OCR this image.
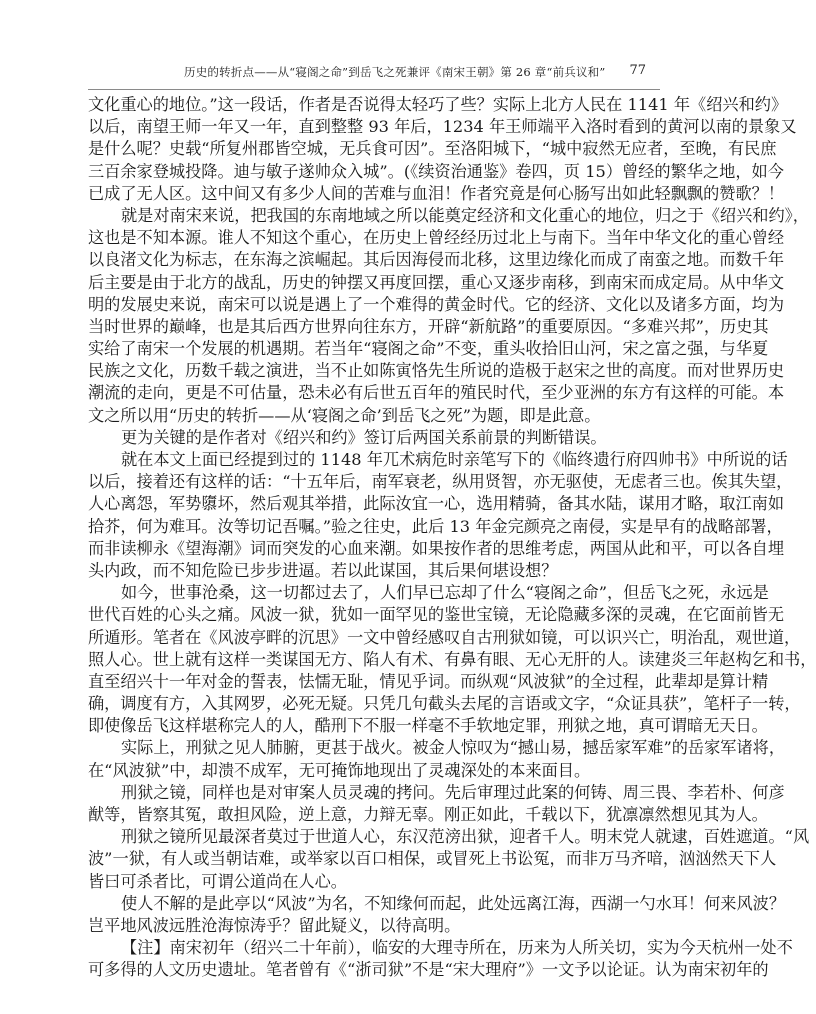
历史的转折点——从“寝阁之命”到岳飞之死兼评《南宋王朝》第 26 章“前兵议和” 77
文化重心的地位。”这一段话，作者是否说得太轻巧了些？实际上北方人民在 1141 年《绍兴和约》
以后，南望王师一年又一年，直到整整 93 年后，1234 年王师端平入洛时看到的黄河以南的景象又
是什么呢？史载“所复州郡皆空城，无兵食可因”。至洛阳城下，“城中寂然无应者，至晚，有民庶
三百余家登城投降。迪与敏子遂帅众入城”。(《续资治通鉴》卷四，页 15）曾经的繁华之地，如今
已成了无人区。这中间又有多少人间的苦难与血泪！作者究竟是何心肠写出如此轻飘飘的赞歌？！
就是对南宋来说，把我国的东南地域之所以能奠定经济和文化重心的地位，归之于《绍兴和约》，
这也是不知本源。谁人不知这个重心，在历史上曾经经历过北上与南下。当年中华文化的重心曾经
以良渚文化为标志，在东海之滨崛起。其后因海侵而北移，这里边缘化而成了南蛮之地。而数千年
后主要是由于北方的战乱，历史的钟摆又再度回摆，重心又逐步南移，到南宋而成定局。从中华文
明的发展史来说，南宋可以说是遇上了一个难得的黄金时代。它的经济、文化以及诸多方面，均为
当时世界的巅峰，也是其后西方世界向往东方，开辟“新航路”的重要原因。“多难兴邦”，历史其
实给了南宋一个发展的机遇期。若当年“寝阁之命”不变，重头收拾旧山河，宋之富之强，与华夏
民族之文化，历数千载之演进，当不止如陈寅恪先生所说的造极于赵宋之世的高度。而对世界历史
潮流的走向，更是不可估量，恐未必有后世五百年的殖民时代，至少亚洲的东方有这样的可能。本
文之所以用“历史的转折——从‘寝阁之命’到岳飞之死”为题，即是此意。
更为关键的是作者对《绍兴和约》签订后两国关系前景的判断错误。
就在本文上面已经提到过的 1148 年兀术病危时亲笔写下的《临终遗行府四帅书》中所说的话
以后，接着还有这样的话：“十五年后，南军衰老，纵用贤智，亦无驱使，无虑者三也。俟其失望，
人心离怨，军势隳坏，然后观其举措，此际汝宜一心，选用精骑，备其水陆，谋用才略，取江南如
拾芥，何为难耳。汝等切记吾嘱。”验之往史，此后 13 年金完颜亮之南侵，实是早有的战略部署，
而非读柳永《望海潮》词而突发的心血来潮。如果按作者的思维考虑，两国从此和平，可以各自埋
头内政，而不知危险已步步进逼。若以此谋国，其后果何堪设想？
如今，世事沧桑，这一切都过去了，人们早已忘却了什么“寝阁之命”，但岳飞之死，永远是
世代百姓的心头之痛。风波一狱，犹如一面罕见的鉴世宝镜，无论隐藏多深的灵魂，在它面前皆无
所遁形。笔者在《风波亭畔的沉思》一文中曾经感叹自古刑狱如镜，可以识兴亡，明治乱，观世道，
照人心。世上就有这样一类谋国无方、陷人有术、有鼻有眼、无心无肝的人。读建炎三年赵构乞和书，
直至绍兴十一年对金的誓表，怯懦无耻，情见乎词。而纵观“风波狱”的全过程，此辈却是算计精
确，调度有方，入其网罗，必死无疑。只凭几句截头去尾的言语或文字，“众证具获”，笔杆子一转，
即使像岳飞这样堪称完人的人，酷刑下不服一样毫不手软地定罪，刑狱之地，真可谓暗无天日。
实际上，刑狱之见人肺腑，更甚于战火。被金人惊叹为“撼山易，撼岳家军难”的岳家军诸将，
在“风波狱”中，却溃不成军，无可掩饰地现出了灵魂深处的本来面目。
刑狱之镜，同样也是对审案人员灵魂的拷问。先后审理过此案的何铸、周三畏、李若朴、何彦
猷等，皆察其冤，敢担风险，逆上意，力辩无辜。刚正如此，千载以下，犹凛凛然想见其为人。
刑狱之镜所见最深者莫过于世道人心，东汉范滂出狱，迎者千人。明末党人就逮，百姓遮道。“风
波”一狱，有人或当朝诘难，或举家以百口相保，或冒死上书讼冤，而非万马齐喑，汹汹然天下人
皆曰可杀者比，可谓公道尚在人心。
使人不解的是此亭以“风波”为名，不知缘何而起，此处远离江海，西湖一勺水耳！何来风波？
岂平地风波远胜沧海惊涛乎？留此疑义，以待高明。
【注】南宋初年（绍兴二十年前），临安的大理寺所在，历来为人所关切，实为今天杭州一处不
可多得的人文历史遗址。笔者曾有《“浙司狱”不是“宋大理府”》一文予以论证。认为南宋初年的
